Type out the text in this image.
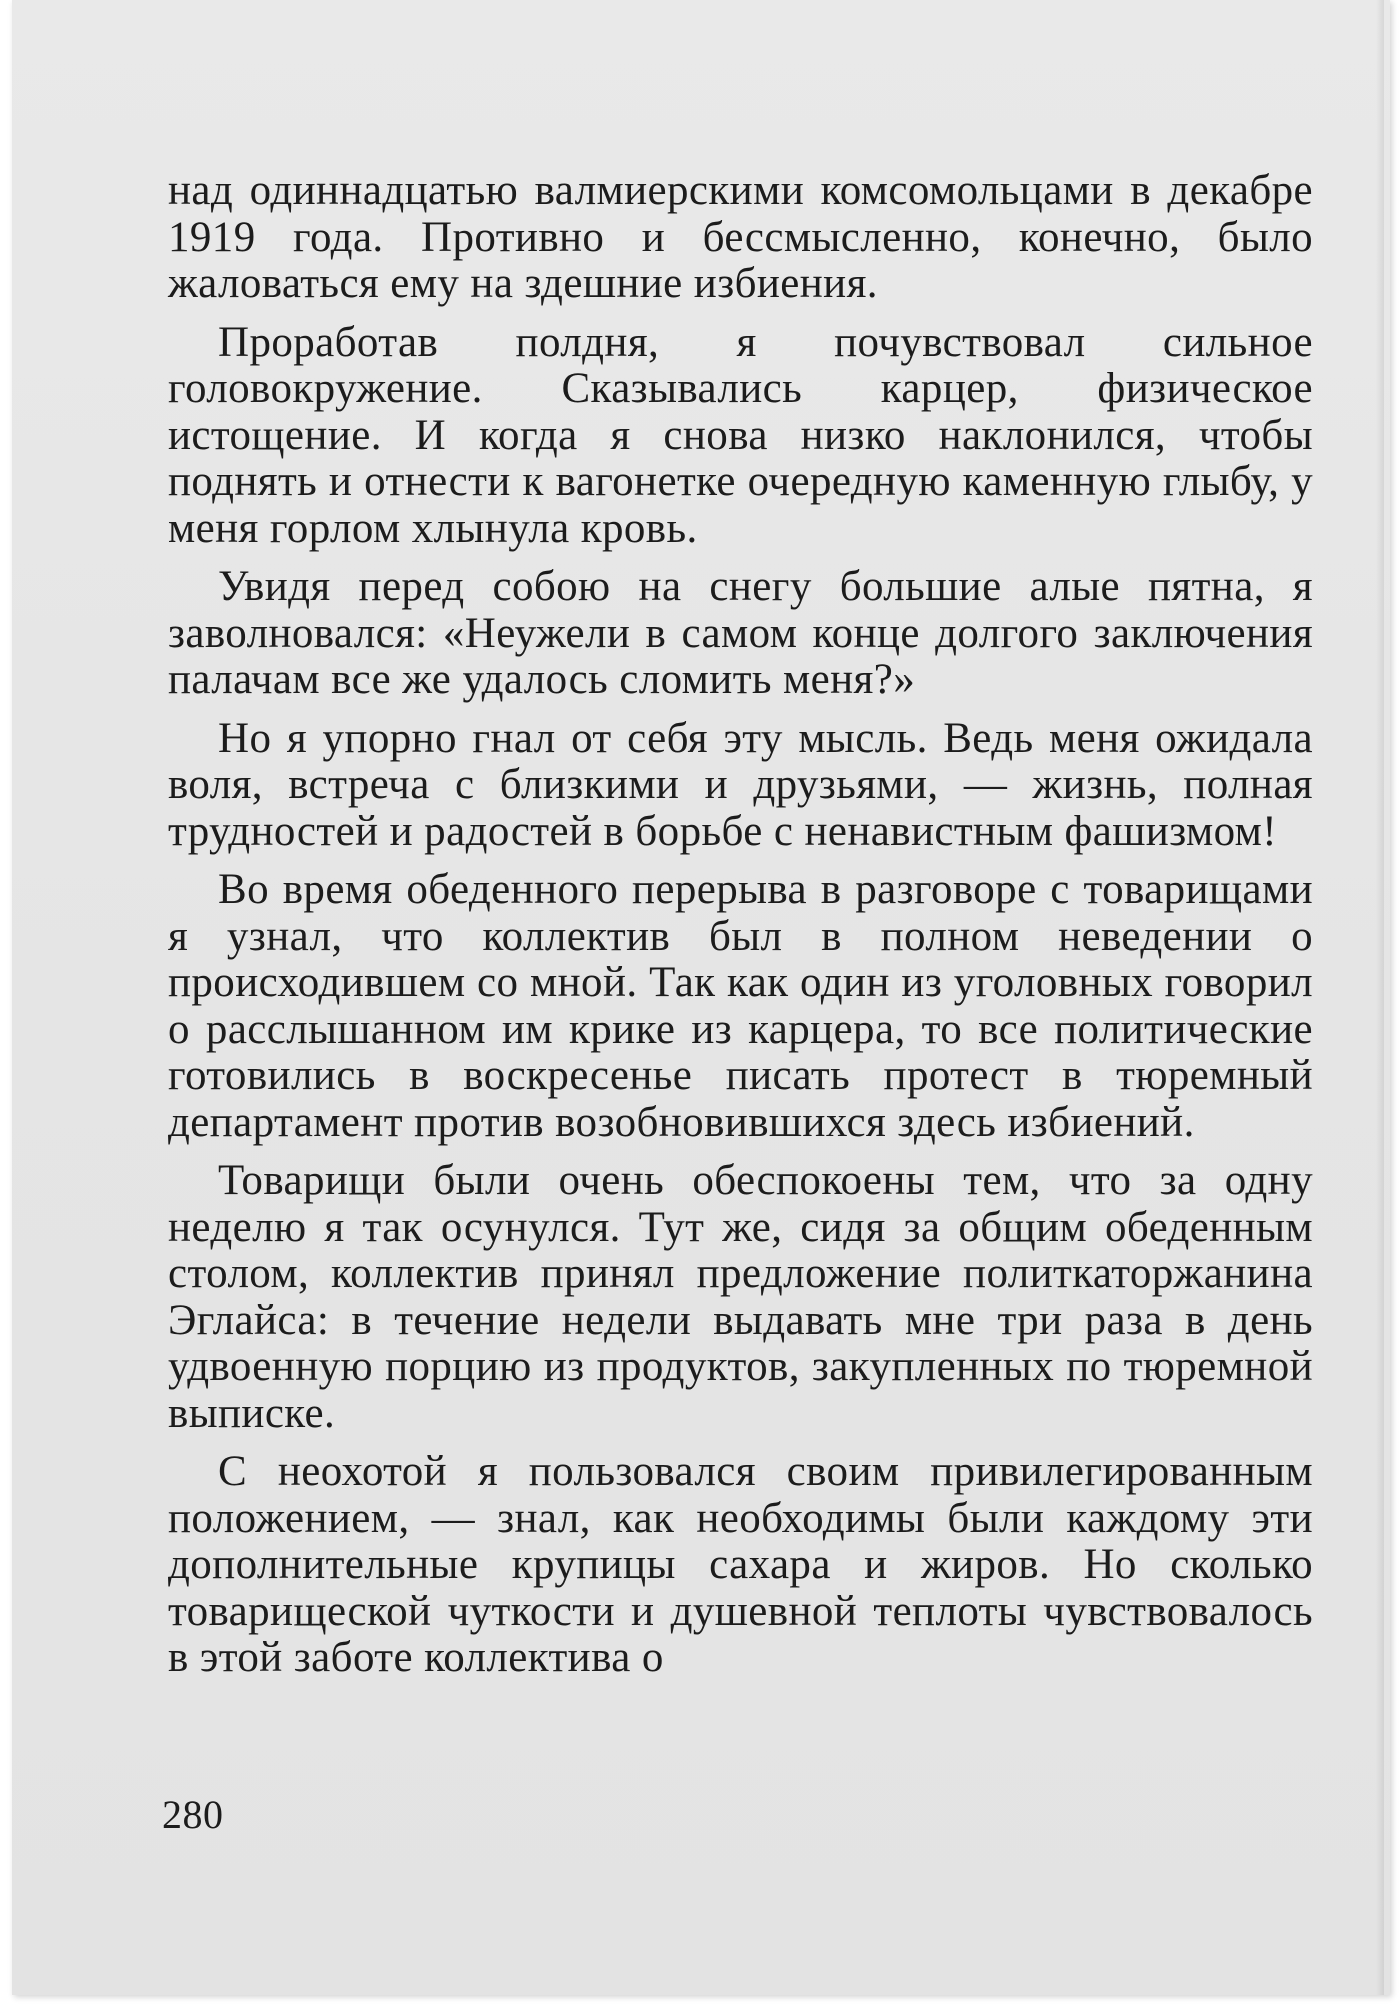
над одиннадцатью валмиерскими комсомольцами в декабре 1919 года. Противно и бессмысленно, конечно, было жаловаться ему на здешние избиения.

Проработав полдня, я почувствовал сильное головокружение. Сказывались карцер, физическое истощение. И когда я снова низко наклонился, чтобы поднять и отнести к вагонетке очередную каменную глыбу, у меня горлом хлынула кровь.

Увидя перед собою на снегу большие алые пятна, я заволновался: «Неужели в самом конце долгого заключения палачам все же удалось сломить меня?»

Но я упорно гнал от себя эту мысль. Ведь меня ожидала воля, встреча с близкими и друзьями, — жизнь, полная трудностей и радостей в борьбе с ненавистным фашизмом!

Во время обеденного перерыва в разговоре с товарищами я узнал, что коллектив был в полном неведении о происходившем со мной. Так как один из уголовных говорил о расслышанном им крике из карцера, то все политические готовились в воскресенье писать протест в тюремный департамент против возобновившихся здесь избиений.

Товарищи были очень обеспокоены тем, что за одну неделю я так осунулся. Тут же, сидя за общим обеденным столом, коллектив принял предложение политкаторжанина Эглайса: в течение недели выдавать мне три раза в день удвоенную порцию из продуктов, закупленных по тюремной выписке.

С неохотой я пользовался своим привилегированным положением, — знал, как необходимы были каждому эти дополнительные крупицы сахара и жиров. Но сколько товарищеской чуткости и душевной теплоты чувствовалось в этой заботе коллектива о

280
